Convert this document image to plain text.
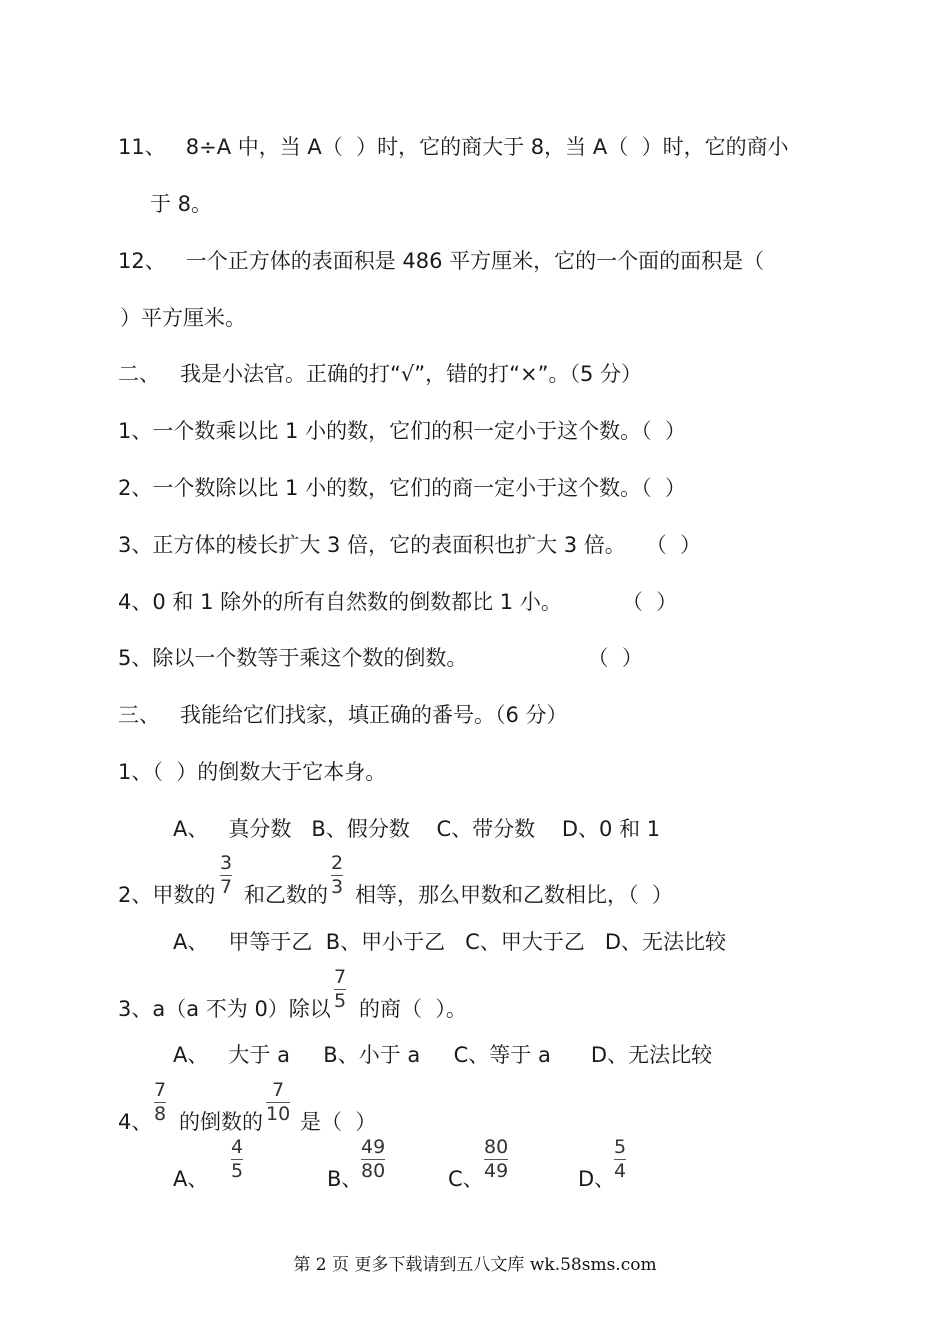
11、   8÷A 中，当 A（  ）时，它的商大于 8，当 A（  ）时，它的商小
于 8。
12、   一个正方体的表面积是 486 平方厘米，它的一个面的面积是（
）平方厘米。
二、   我是小法官。正确的打“√”，错的打“×”。（5 分）
1、一个数乘以比 1 小的数，它们的积一定小于这个数。（  ）
2、一个数除以比 1 小的数，它们的商一定小于这个数。（  ）
3、正方体的棱长扩大 3 倍，它的表面积也扩大 3 倍。   （  ）
4、0 和 1 除外的所有自然数的倒数都比 1 小。         （  ）
5、除以一个数等于乘这个数的倒数。                  （  ）
三、   我能给它们找家，填正确的番号。（6 分）
1、（  ）的倒数大于它本身。
A、   真分数   B、假分数    C、带分数    D、0 和 1
2、甲数的
3
7 和乙数的
2
3 相等，那么甲数和乙数相比，（  ）
A、   甲等于乙  B、甲小于乙   C、甲大于乙   D、无法比较
3、a（a 不为 0）除以
7
5 的商（  ）。
A、   大于 a     B、小于 a     C、等于 a      D、无法比较
4、
7
8 的倒数的
7
10 是（  ）
A、
4
5	B、
49
80	C、
80
49	D、
5
4
第 2 页 更多下载请到五八文库 wk.58sms.com
